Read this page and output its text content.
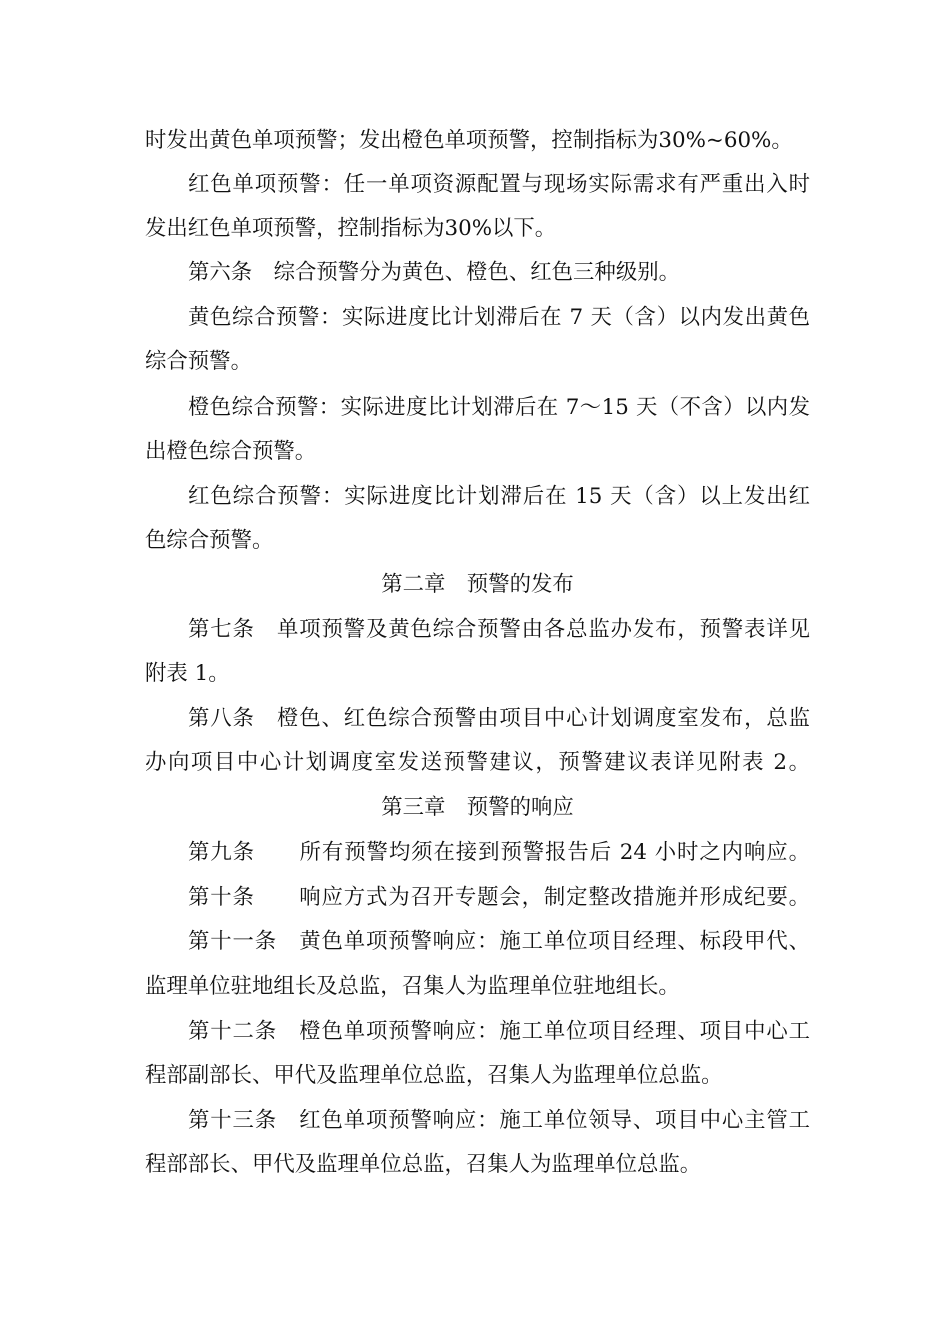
时发出黄色单项预警；发出橙色单项预警，控制指标为30%~60%。
红色单项预警：任一单项资源配置与现场实际需求有严重出入时
发出红色单项预警，控制指标为30%以下。
第六条　综合预警分为黄色、橙色、红色三种级别。
黄色综合预警：实际进度比计划滞后在 7 天（含）以内发出黄色
综合预警。
橙色综合预警：实际进度比计划滞后在 7～15 天（不含）以内发
出橙色综合预警。
红色综合预警：实际进度比计划滞后在 15 天（含）以上发出红
色综合预警。
第二章　预警的发布
第七条　单项预警及黄色综合预警由各总监办发布，预警表详见
附表 1。
第八条　橙色、红色综合预警由项目中心计划调度室发布，总监
办向项目中心计划调度室发送预警建议，预警建议表详见附表 2。
第三章　预警的响应
第九条　　所有预警均须在接到预警报告后 24 小时之内响应。
第十条　　响应方式为召开专题会，制定整改措施并形成纪要。
第十一条　黄色单项预警响应：施工单位项目经理、标段甲代、
监理单位驻地组长及总监，召集人为监理单位驻地组长。
第十二条　橙色单项预警响应：施工单位项目经理、项目中心工
程部副部长、甲代及监理单位总监，召集人为监理单位总监。
第十三条　红色单项预警响应：施工单位领导、项目中心主管工
程部部长、甲代及监理单位总监，召集人为监理单位总监。
